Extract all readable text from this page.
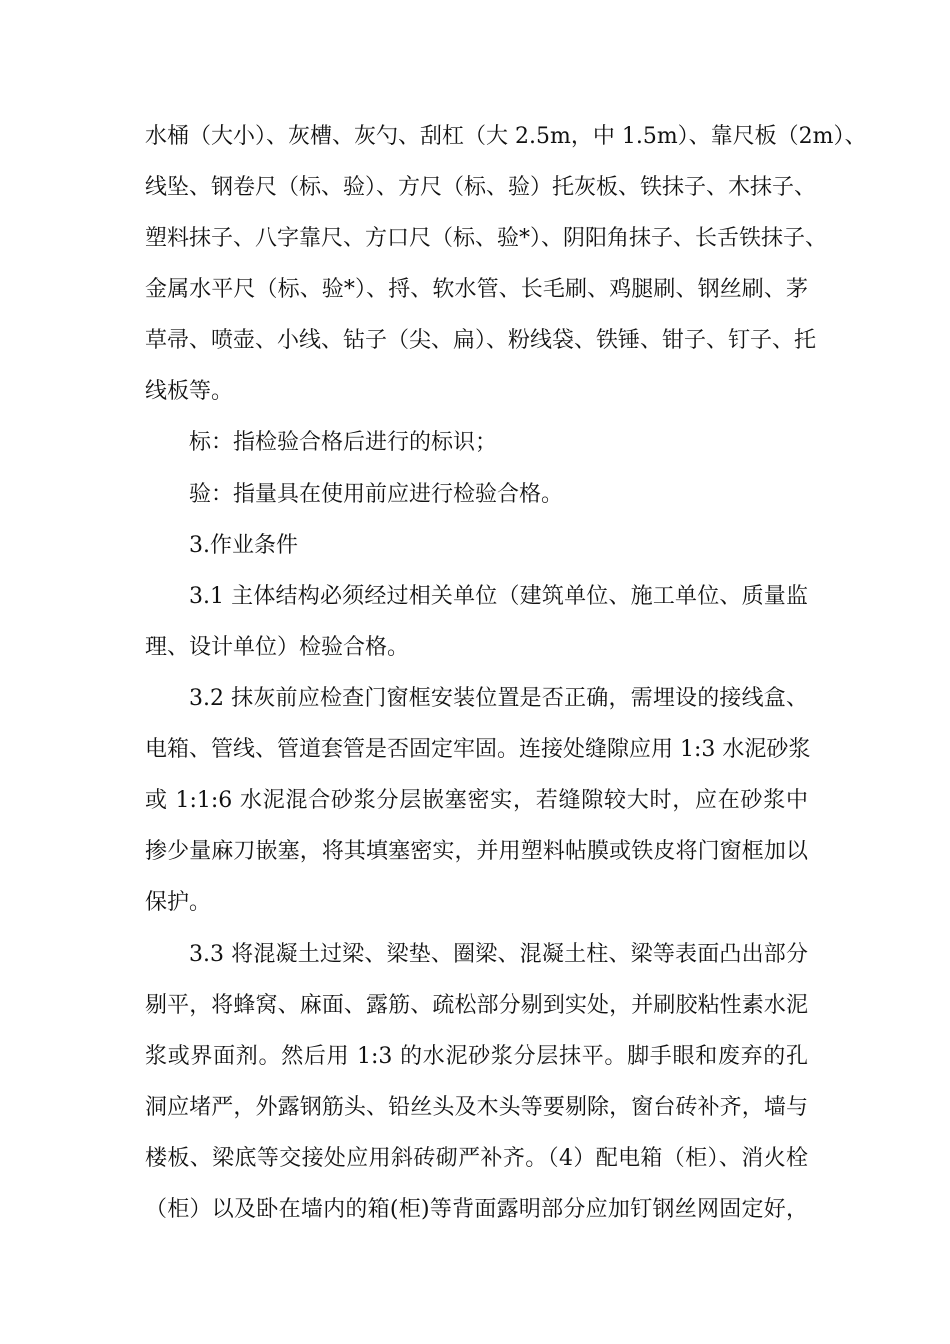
水桶（大小）、灰槽、灰勺、刮杠（大 2.5m，中 1.5m）、靠尺板（2m）、
线坠、钢卷尺（标、验）、方尺（标、验）托灰板、铁抹子、木抹子、
塑料抹子、八字靠尺、方口尺（标、验*）、阴阳角抹子、长舌铁抹子、
金属水平尺（标、验*）、捋、软水管、长毛刷、鸡腿刷、钢丝刷、茅
草帚、喷壶、小线、钻子（尖、扁）、粉线袋、铁锤、钳子、钉子、托
线板等。
标：指检验合格后进行的标识；
验：指量具在使用前应进行检验合格。
3.作业条件
3.1 主体结构必须经过相关单位（建筑单位、施工单位、质量监
理、设计单位）检验合格。
3.2 抹灰前应检查门窗框安装位置是否正确，需埋设的接线盒、
电箱、管线、管道套管是否固定牢固。连接处缝隙应用 1:3 水泥砂浆
或 1:1:6 水泥混合砂浆分层嵌塞密实，若缝隙较大时，应在砂浆中
掺少量麻刀嵌塞，将其填塞密实，并用塑料帖膜或铁皮将门窗框加以
保护。
3.3 将混凝土过梁、梁垫、圈梁、混凝土柱、梁等表面凸出部分
剔平，将蜂窝、麻面、露筋、疏松部分剔到实处，并刷胶粘性素水泥
浆或界面剂。然后用 1:3 的水泥砂浆分层抹平。脚手眼和废弃的孔
洞应堵严，外露钢筋头、铅丝头及木头等要剔除，窗台砖补齐，墙与
楼板、梁底等交接处应用斜砖砌严补齐。（4）配电箱（柜）、消火栓
（柜）以及卧在墙内的箱(柜)等背面露明部分应加钉钢丝网固定好，
